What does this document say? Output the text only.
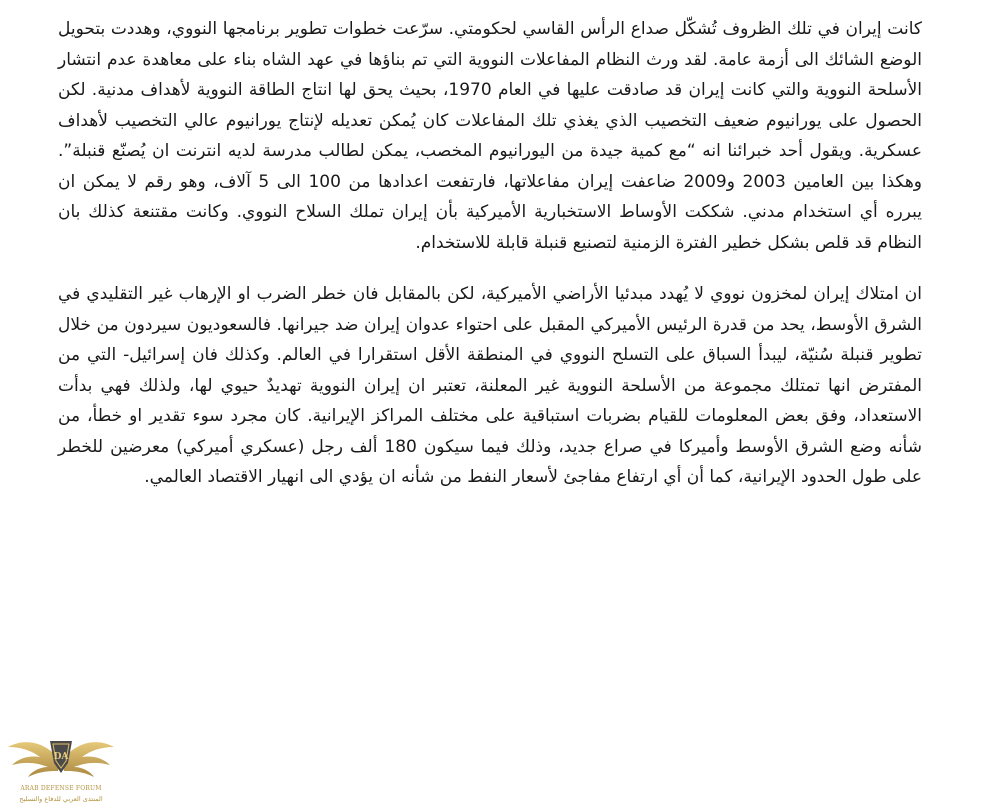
كانت إيران في تلك الظروف تُشكّل صداع الرأس القاسي لحكومتي. سرّعت خطوات تطوير برنامجها النووي، وهددت بتحويل الوضع الشائك الى أزمة عامة. لقد ورث النظام المفاعلات النووية التي تم بناؤها في عهد الشاه بناء على معاهدة عدم انتشار الأسلحة النووية والتي كانت إيران قد صادقت عليها في العام 1970، بحيث يحق لها انتاج الطاقة النووية لأهداف مدنية. لكن الحصول على يورانيوم ضعيف التخصيب الذي يغذي تلك المفاعلات كان يُمكن تعديله لإنتاج يورانيوم عالي التخصيب لأهداف عسكرية. ويقول أحد خبرائنا انه “مع كمية جيدة من اليورانيوم المخصب، يمكن لطالب مدرسة لديه انترنت ان يُصنّع قنبلة”. وهكذا بين العامين 2003 و2009 ضاعفت إيران مفاعلاتها، فارتفعت اعدادها من 100 الى 5 آلاف، وهو رقم لا يمكن ان يبرره أي استخدام مدني. شككت الأوساط الاستخبارية الأميركية بأن إيران تملك السلاح النووي. وكانت مقتنعة كذلك بان النظام قد قلص بشكل خطير الفترة الزمنية لتصنيع قنبلة قابلة للاستخدام.

ان امتلاك إيران لمخزون نووي لا يُهدد مبدئيا الأراضي الأميركية، لكن بالمقابل فان خطر الضرب او الإرهاب غير التقليدي في الشرق الأوسط، يحد من قدرة الرئيس الأميركي المقبل على احتواء عدوان إيران ضد جيرانها. فالسعوديون سيردون من خلال تطوير قنبلة سُنيّة، ليبدأ السباق على التسلح النووي في المنطقة الأقل استقرارا في العالم. وكذلك فان إسرائيل- التي من المفترض انها تمتلك مجموعة من الأسلحة النووية غير المعلنة، تعتبر ان إيران النووية تهديدٌ حيوي لها، ولذلك فهي بدأت الاستعداد، وفق بعض المعلومات للقيام بضربات استباقية على مختلف المراكز الإيرانية. كان مجرد سوء تقدير او خطأ، من شأنه وضع الشرق الأوسط وأميركا في صراع جديد، وذلك فيما سيكون 180 ألف رجل (عسكري أميركي) معرضين للخطر على طول الحدود الإيرانية، كما أن أي ارتفاع مفاجئ لأسعار النفط من شأنه ان يؤدي الى انهيار الاقتصاد العالمي.

DA
ARAB DEFENSE FORUM
المنتدى العربي للدفاع والتسليح
